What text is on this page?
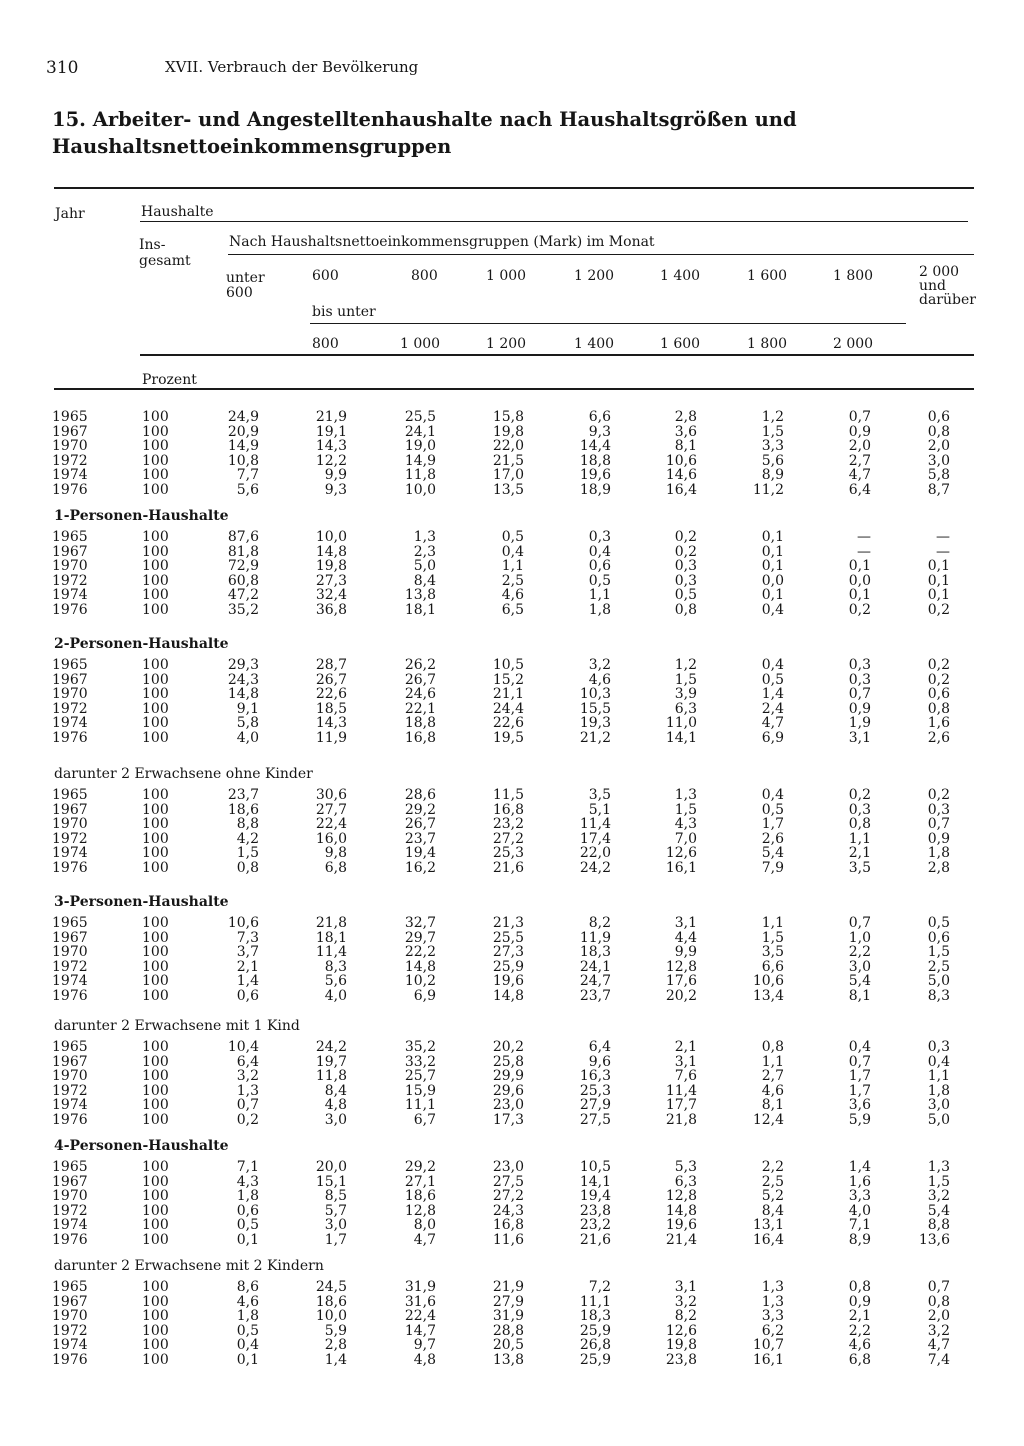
310	XVII. Verbrauch der Bevölkerung
15. Arbeiter- und Angestelltenhaushalte nach Haushaltsgrößen und Haushaltsnettoeinkommensgruppen
Jahr	Haushalte
Ins-
gesamt
Nach Haushaltsnettoeinkommensgruppen (Mark) im Monat
unter
600
600	800	1 000	1 200	1 400	1 600	1 800
bis unter
800	1 000	1 200	1 400	1 600	1 800	2 000
2 000
und
darüber
Prozent
1965	100	24,9	21,9	25,5	15,8	6,6	2,8	1,2	0,7	0,6
1967	100	20,9	19,1	24,1	19,8	9,3	3,6	1,5	0,9	0,8
1970	100	14,9	14,3	19,0	22,0	14,4	8,1	3,3	2,0	2,0
1972	100	10,8	12,2	14,9	21,5	18,8	10,6	5,6	2,7	3,0
1974	100	7,7	9,9	11,8	17,0	19,6	14,6	8,9	4,7	5,8
1976	100	5,6	9,3	10,0	13,5	18,9	16,4	11,2	6,4	8,7
1-Personen-Haushalte
1965	100	87,6	10,0	1,3	0,5	0,3	0,2	0,1	—	—
1967	100	81,8	14,8	2,3	0,4	0,4	0,2	0,1	—	—
1970	100	72,9	19,8	5,0	1,1	0,6	0,3	0,1	0,1	0,1
1972	100	60,8	27,3	8,4	2,5	0,5	0,3	0,0	0,0	0,1
1974	100	47,2	32,4	13,8	4,6	1,1	0,5	0,1	0,1	0,1
1976	100	35,2	36,8	18,1	6,5	1,8	0,8	0,4	0,2	0,2
2-Personen-Haushalte
1965	100	29,3	28,7	26,2	10,5	3,2	1,2	0,4	0,3	0,2
1967	100	24,3	26,7	26,7	15,2	4,6	1,5	0,5	0,3	0,2
1970	100	14,8	22,6	24,6	21,1	10,3	3,9	1,4	0,7	0,6
1972	100	9,1	18,5	22,1	24,4	15,5	6,3	2,4	0,9	0,8
1974	100	5,8	14,3	18,8	22,6	19,3	11,0	4,7	1,9	1,6
1976	100	4,0	11,9	16,8	19,5	21,2	14,1	6,9	3,1	2,6
darunter 2 Erwachsene ohne Kinder
1965	100	23,7	30,6	28,6	11,5	3,5	1,3	0,4	0,2	0,2
1967	100	18,6	27,7	29,2	16,8	5,1	1,5	0,5	0,3	0,3
1970	100	8,8	22,4	26,7	23,2	11,4	4,3	1,7	0,8	0,7
1972	100	4,2	16,0	23,7	27,2	17,4	7,0	2,6	1,1	0,9
1974	100	1,5	9,8	19,4	25,3	22,0	12,6	5,4	2,1	1,8
1976	100	0,8	6,8	16,2	21,6	24,2	16,1	7,9	3,5	2,8
3-Personen-Haushalte
1965	100	10,6	21,8	32,7	21,3	8,2	3,1	1,1	0,7	0,5
1967	100	7,3	18,1	29,7	25,5	11,9	4,4	1,5	1,0	0,6
1970	100	3,7	11,4	22,2	27,3	18,3	9,9	3,5	2,2	1,5
1972	100	2,1	8,3	14,8	25,9	24,1	12,8	6,6	3,0	2,5
1974	100	1,4	5,6	10,2	19,6	24,7	17,6	10,6	5,4	5,0
1976	100	0,6	4,0	6,9	14,8	23,7	20,2	13,4	8,1	8,3
darunter 2 Erwachsene mit 1 Kind
1965	100	10,4	24,2	35,2	20,2	6,4	2,1	0,8	0,4	0,3
1967	100	6,4	19,7	33,2	25,8	9,6	3,1	1,1	0,7	0,4
1970	100	3,2	11,8	25,7	29,9	16,3	7,6	2,7	1,7	1,1
1972	100	1,3	8,4	15,9	29,6	25,3	11,4	4,6	1,7	1,8
1974	100	0,7	4,8	11,1	23,0	27,9	17,7	8,1	3,6	3,0
1976	100	0,2	3,0	6,7	17,3	27,5	21,8	12,4	5,9	5,0
4-Personen-Haushalte
1965	100	7,1	20,0	29,2	23,0	10,5	5,3	2,2	1,4	1,3
1967	100	4,3	15,1	27,1	27,5	14,1	6,3	2,5	1,6	1,5
1970	100	1,8	8,5	18,6	27,2	19,4	12,8	5,2	3,3	3,2
1972	100	0,6	5,7	12,8	24,3	23,8	14,8	8,4	4,0	5,4
1974	100	0,5	3,0	8,0	16,8	23,2	19,6	13,1	7,1	8,8
1976	100	0,1	1,7	4,7	11,6	21,6	21,4	16,4	8,9	13,6
darunter 2 Erwachsene mit 2 Kindern
1965	100	8,6	24,5	31,9	21,9	7,2	3,1	1,3	0,8	0,7
1967	100	4,6	18,6	31,6	27,9	11,1	3,2	1,3	0,9	0,8
1970	100	1,8	10,0	22,4	31,9	18,3	8,2	3,3	2,1	2,0
1972	100	0,5	5,9	14,7	28,8	25,9	12,6	6,2	2,2	3,2
1974	100	0,4	2,8	9,7	20,5	26,8	19,8	10,7	4,6	4,7
1976	100	0,1	1,4	4,8	13,8	25,9	23,8	16,1	6,8	7,4
